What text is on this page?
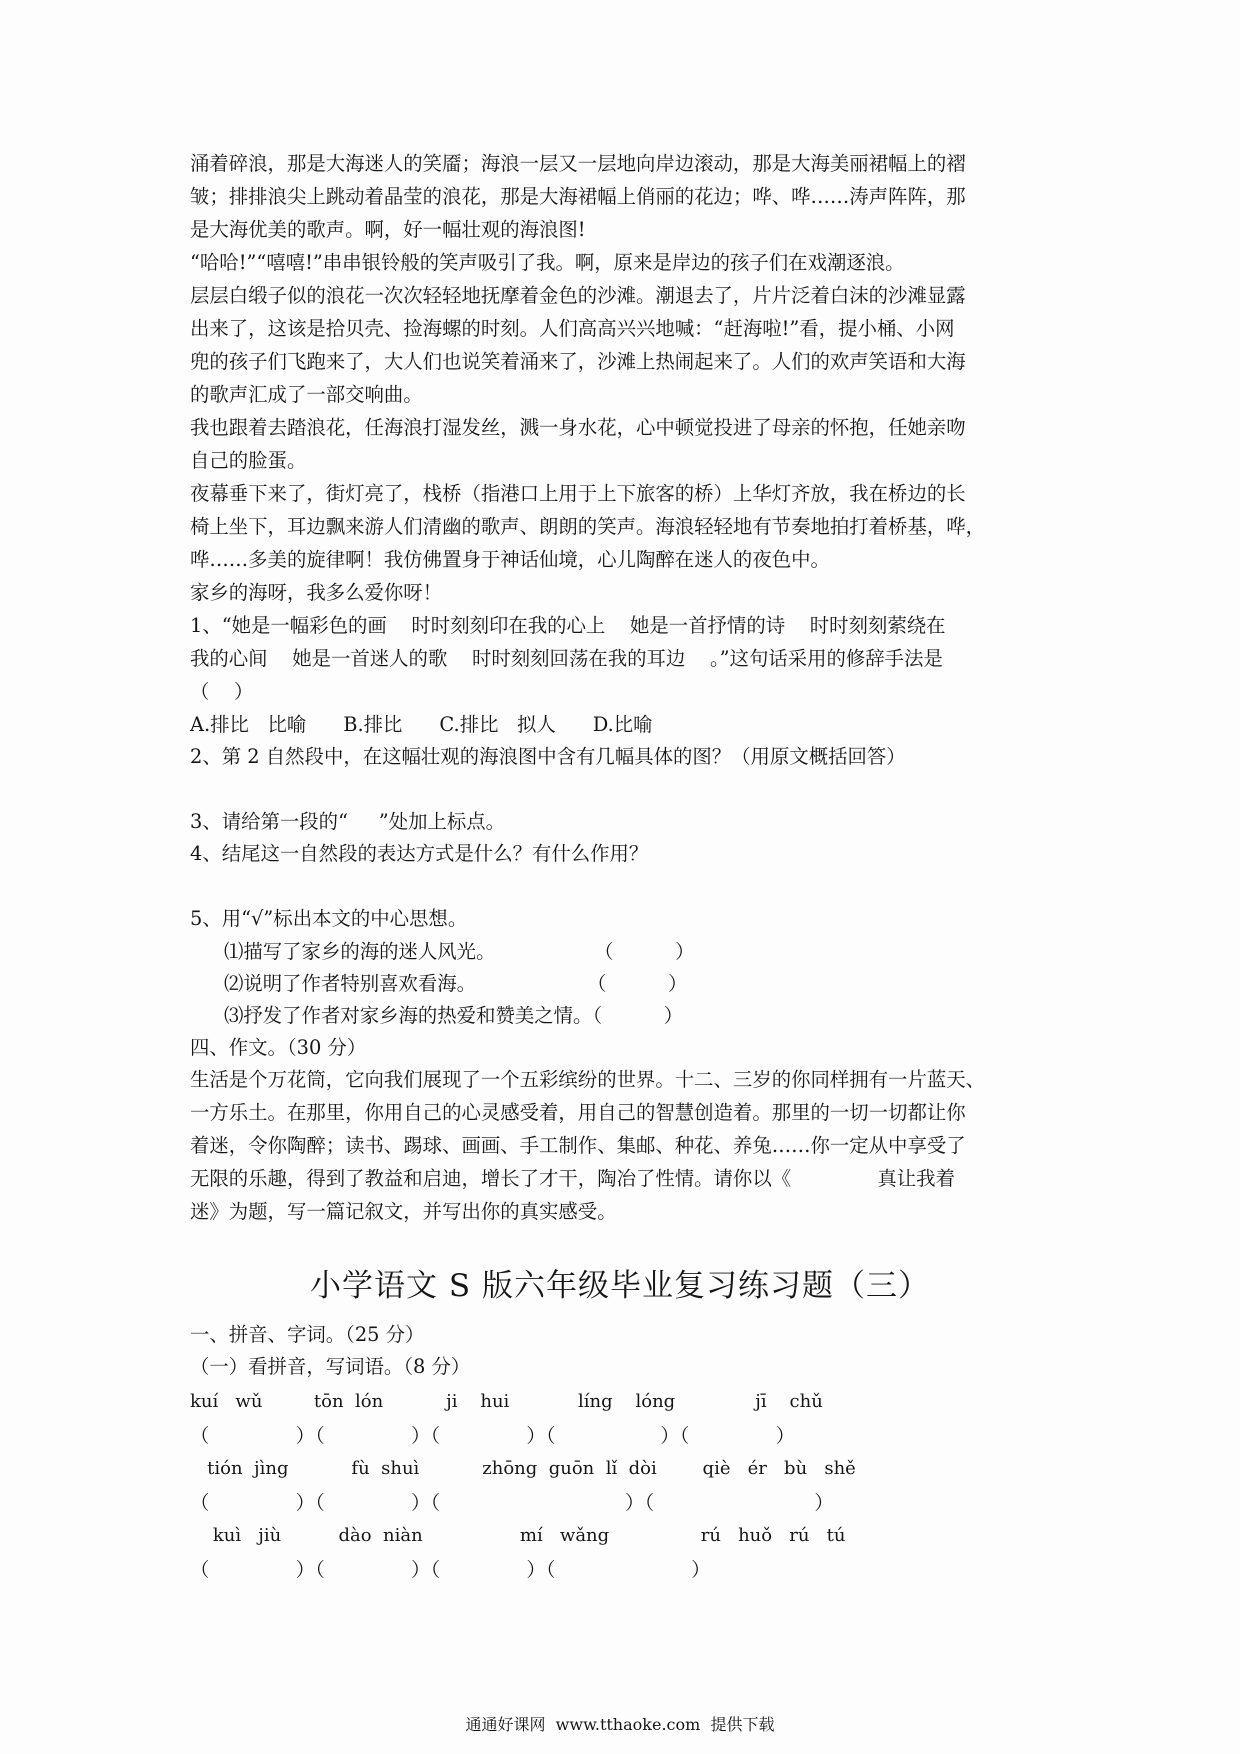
涌着碎浪，那是大海迷人的笑靥；海浪一层又一层地向岸边滚动，那是大海美丽裙幅上的褶
皱；排排浪尖上跳动着晶莹的浪花，那是大海裙幅上俏丽的花边；哗、哗……涛声阵阵，那
是大海优美的歌声。啊，好一幅壮观的海浪图!
“哈哈!”“嘻嘻!”串串银铃般的笑声吸引了我。啊，原来是岸边的孩子们在戏潮逐浪。
层层白缎子似的浪花一次次轻轻地抚摩着金色的沙滩。潮退去了，片片泛着白沫的沙滩显露
出来了，这该是拾贝壳、捡海螺的时刻。人们高高兴兴地喊：“赶海啦!”看，提小桶、小网
兜的孩子们飞跑来了，大人们也说笑着涌来了，沙滩上热闹起来了。人们的欢声笑语和大海
的歌声汇成了一部交响曲。
我也跟着去踏浪花，任海浪打湿发丝，溅一身水花，心中顿觉投进了母亲的怀抱，任她亲吻
自己的脸蛋。
夜幕垂下来了，街灯亮了，栈桥（指港口上用于上下旅客的桥）上华灯齐放，我在桥边的长
椅上坐下，耳边飘来游人们清幽的歌声、朗朗的笑声。海浪轻轻地有节奏地拍打着桥基，哗，
哗……多美的旋律啊！我仿佛置身于神话仙境，心儿陶醉在迷人的夜色中。
家乡的海呀，我多么爱你呀！
1、“她是一幅彩色的画    时时刻刻印在我的心上    她是一首抒情的诗    时时刻刻萦绕在
我的心间    她是一首迷人的歌    时时刻刻回荡在我的耳边    。”这句话采用的修辞手法是
（    ）
A.排比   比喻      B.排比      C.排比   拟人      D.比喻
2、第 2 自然段中，在这幅壮观的海浪图中含有几幅具体的图？（用原文概括回答）
3、请给第一段的“     ”处加上标点。
4、结尾这一自然段的表达方式是什么？有什么作用？
5、用“√”标出本文的中心思想。
⑴描写了家乡的海的迷人风光。                （          ）
⑵说明了作者特别喜欢看海。                  （          ）
⑶抒发了作者对家乡海的热爱和赞美之情。（          ）
四、作文。（30 分）
生活是个万花筒，它向我们展现了一个五彩缤纷的世界。十二、三岁的你同样拥有一片蓝天、
一方乐土。在那里，你用自己的心灵感受着，用自己的智慧创造着。那里的一切一切都让你
着迷，令你陶醉；读书、踢球、画画、手工制作、集邮、种花、养兔……你一定从中享受了
无限的乐趣，得到了教益和启迪，增长了才干，陶冶了性情。请你以《              真让我着
迷》为题，写一篇记叙文，并写出你的真实感受。
小学语文 S 版六年级毕业复习练习题（三）
一、拼音、字词。（25 分）
（一）看拼音，写词语。（8 分）
kuí   wǔ         tōn  lón           ji    hui            líng    lóng              jī    chǔ
（              ）（              ）（              ）（                 ）（              ）
tión  jìng           fù  shuì           zhōng  guōn  lǐ  dòi        qiè   ér   bù   shě
（              ）（              ）（                              ）（                          ）
kuì   jiù          dào  niàn                 mí   wǎng                rú   huǒ   rú   tú
（              ）（              ）（              ）（                      ）
通通好课网  www.tthaoke.com  提供下载
